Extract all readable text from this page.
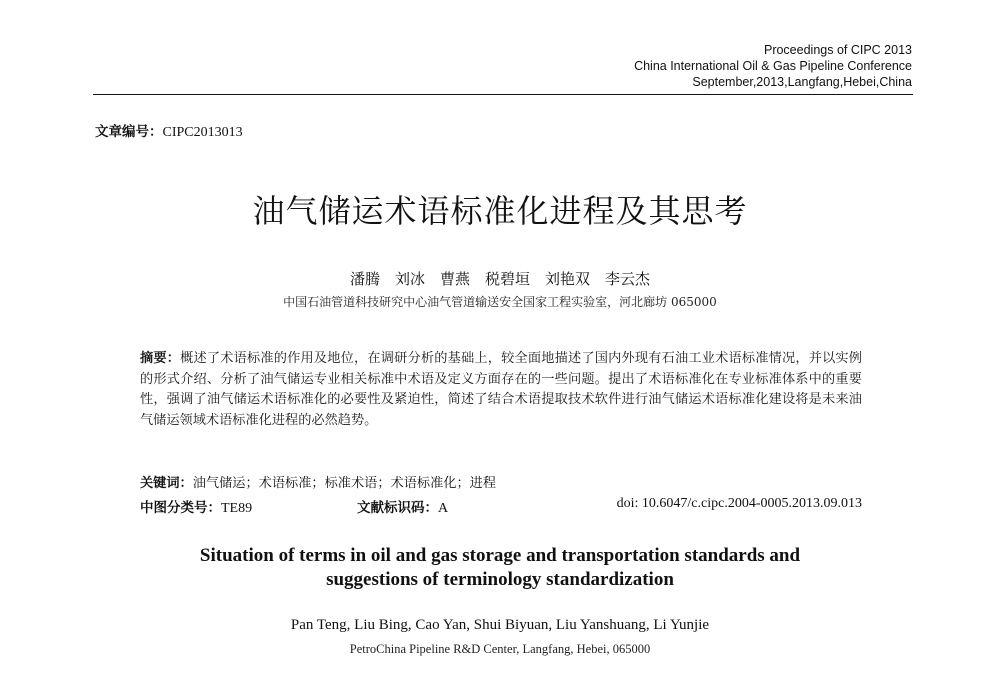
Proceedings of CIPC 2013
China International Oil & Gas Pipeline Conference
September,2013,Langfang,Hebei,China
文章编号：CIPC2013013
油气储运术语标准化进程及其思考
潘腾　刘冰　曹燕　税碧垣　刘艳双　李云杰
中国石油管道科技研究中心油气管道输送安全国家工程实验室，河北廊坊 065000
摘要：概述了术语标准的作用及地位，在调研分析的基础上，较全面地描述了国内外现有石油工业术语标准情况，并以实例的形式介绍、分析了油气储运专业相关标准中术语及定义方面存在的一些问题。提出了术语标准化在专业标准体系中的重要性，强调了油气储运术语标准化的必要性及紧迫性，简述了结合术语提取技术软件进行油气储运术语标准化建设将是未来油气储运领域术语标准化进程的必然趋势。
关键词：油气储运；术语标准；标准术语；术语标准化；进程
中图分类号：TE89	文献标识码：A	doi: 10.6047/c.cipc.2004-0005.2013.09.013
Situation of terms in oil and gas storage and transportation standards and
suggestions of terminology standardization
Pan Teng, Liu Bing, Cao Yan, Shui Biyuan, Liu Yanshuang, Li Yunjie
PetroChina Pipeline R&D Center, Langfang, Hebei, 065000
